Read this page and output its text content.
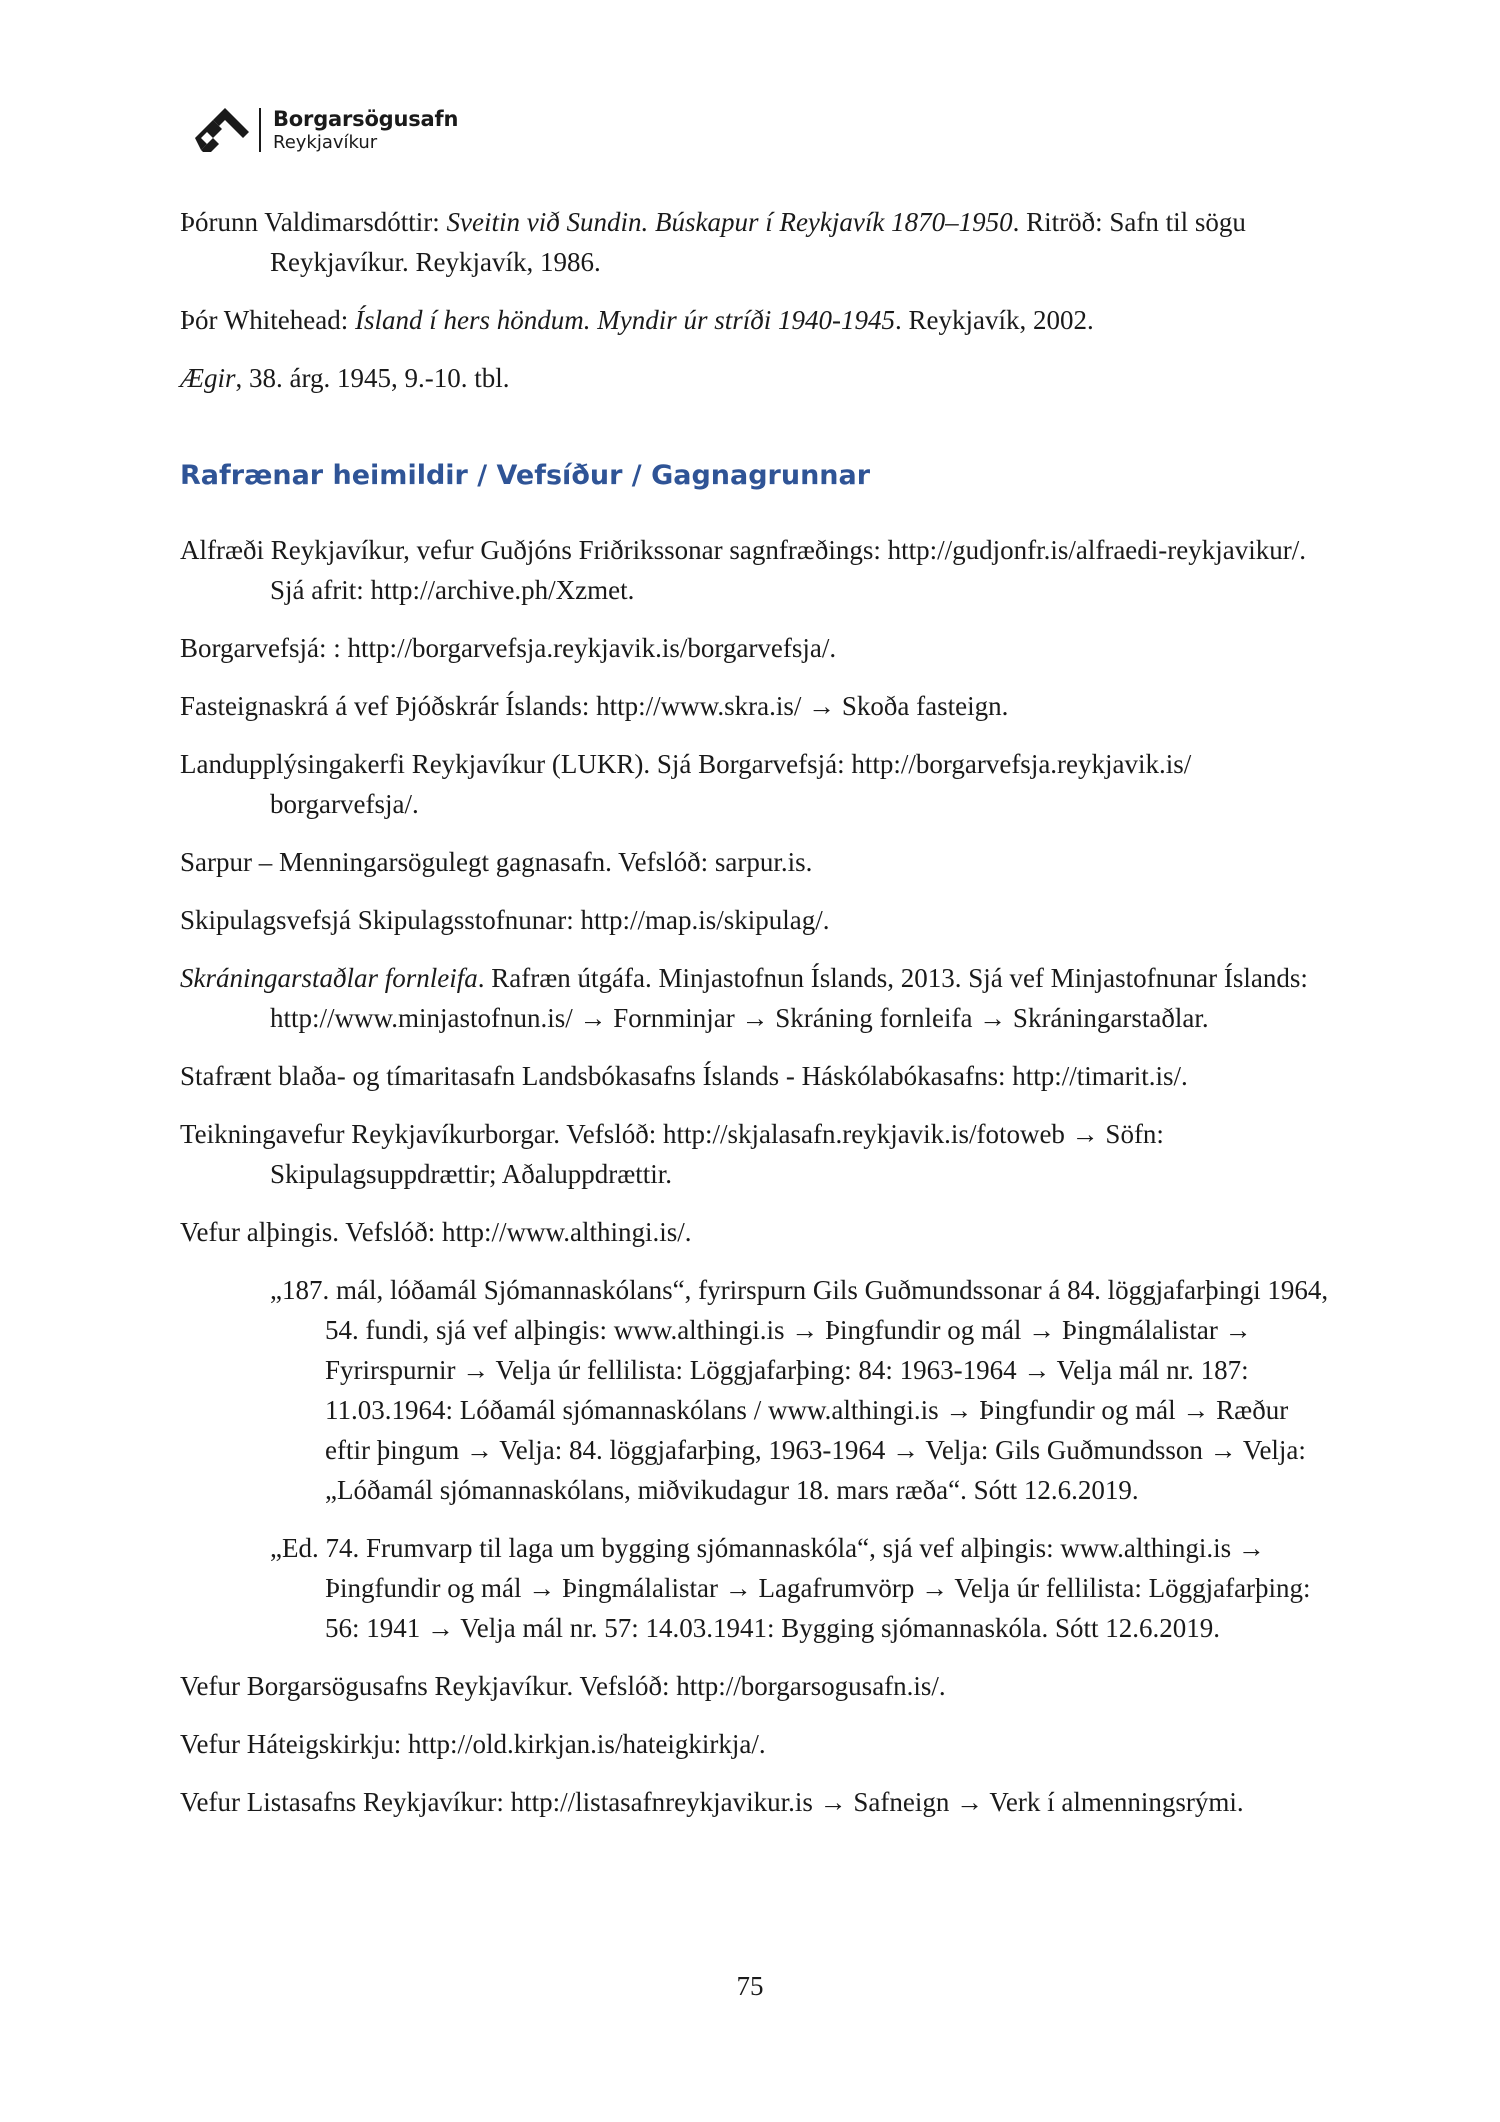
Borgarsögusafn
Reykjavíkur

Þórunn Valdimarsdóttir: Sveitin við Sundin. Búskapur í Reykjavík 1870–1950. Ritröð: Safn til sögu Reykjavíkur. Reykjavík, 1986.

Þór Whitehead: Ísland í hers höndum. Myndir úr stríði 1940-1945. Reykjavík, 2002.

Ægir, 38. árg. 1945, 9.-10. tbl.

Rafrænar heimildir / Vefsíður / Gagnagrunnar

Alfræði Reykjavíkur, vefur Guðjóns Friðrikssonar sagnfræðings: http://gudjonfr.is/alfraedi-reykjavikur/. Sjá afrit: http://archive.ph/Xzmet.

Borgarvefsjá: : http://borgarvefsja.reykjavik.is/borgarvefsja/.

Fasteignaskrá á vef Þjóðskrár Íslands: http://www.skra.is/ → Skoða fasteign.

Landupplýsingakerfi Reykjavíkur (LUKR). Sjá Borgarvefsjá: http://borgarvefsja.reykjavik.is/ borgarvefsja/.

Sarpur – Menningarsögulegt gagnasafn. Vefslóð: sarpur.is.

Skipulagsvefsjá Skipulagsstofnunar: http://map.is/skipulag/.

Skráningarstaðlar fornleifa. Rafræn útgáfa. Minjastofnun Íslands, 2013. Sjá vef Minjastofnunar Íslands: http://www.minjastofnun.is/ → Fornminjar → Skráning fornleifa → Skráningarstaðlar.

Stafrænt blaða- og tímaritasafn Landsbókasafns Íslands - Háskólabókasafns: http://timarit.is/.

Teikningavefur Reykjavíkurborgar. Vefslóð: http://skjalasafn.reykjavik.is/fotoweb → Söfn: Skipulagsuppdrættir; Aðaluppdrættir.

Vefur alþingis. Vefslóð: http://www.althingi.is/.

„187. mál, lóðamál Sjómannaskólans“, fyrirspurn Gils Guðmundssonar á 84. löggjafarþingi 1964, 54. fundi, sjá vef alþingis: www.althingi.is → Þingfundir og mál → Þingmálalistar → Fyrirspurnir → Velja úr fellilista: Löggjafarþing: 84: 1963-1964 → Velja mál nr. 187: 11.03.1964: Lóðamál sjómannaskólans / www.althingi.is → Þingfundir og mál → Ræður eftir þingum → Velja: 84. löggjafarþing, 1963-1964 → Velja: Gils Guðmundsson → Velja: „Lóðamál sjómannaskólans, miðvikudagur 18. mars ræða“. Sótt 12.6.2019.

„Ed. 74. Frumvarp til laga um bygging sjómannaskóla“, sjá vef alþingis: www.althingi.is → Þingfundir og mál → Þingmálalistar → Lagafrumvörp → Velja úr fellilista: Löggjafarþing: 56: 1941 → Velja mál nr. 57: 14.03.1941: Bygging sjómannaskóla. Sótt 12.6.2019.

Vefur Borgarsögusafns Reykjavíkur. Vefslóð: http://borgarsogusafn.is/.

Vefur Háteigskirkju: http://old.kirkjan.is/hateigkirkja/.

Vefur Listasafns Reykjavíkur: http://listasafnreykjavikur.is → Safneign → Verk í almenningsrými.

75
